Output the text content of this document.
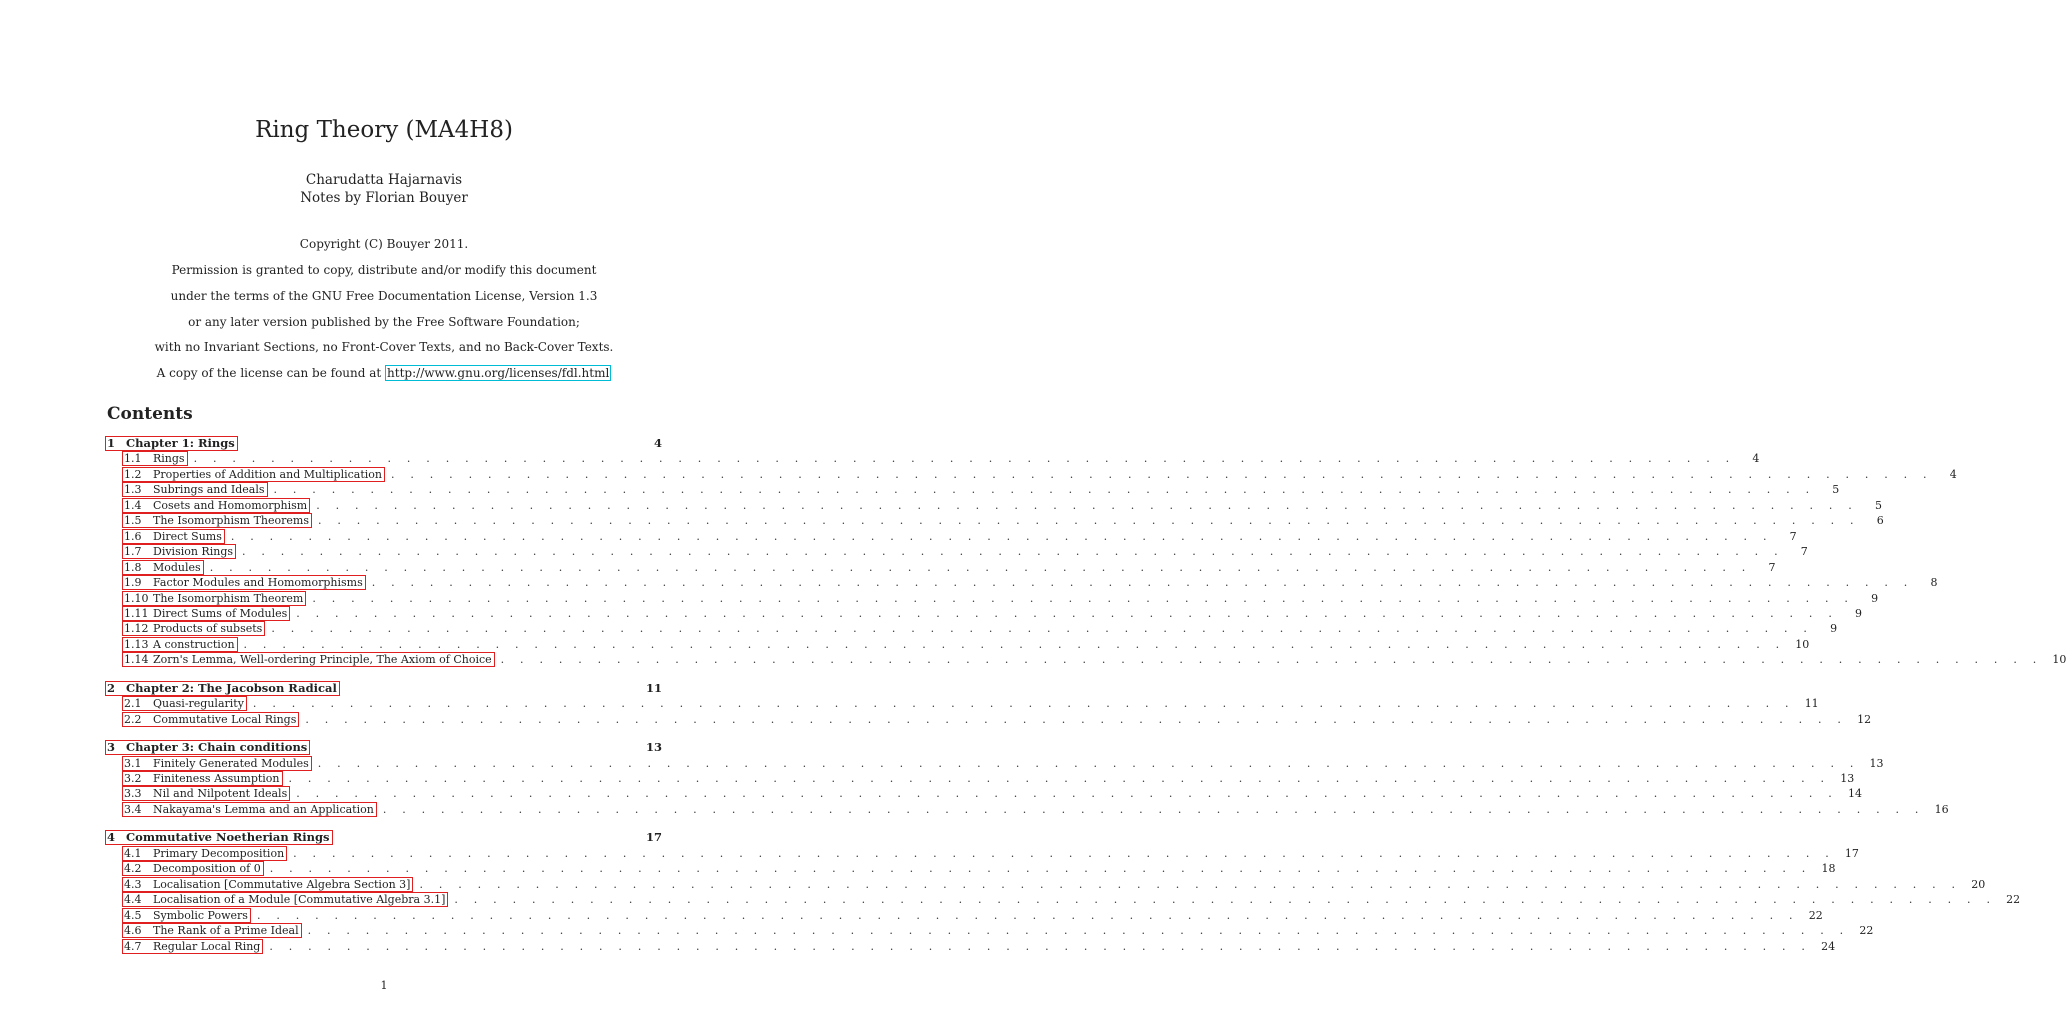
Ring Theory (MA4H8)
Charudatta Hajarnavis
Notes by Florian Bouyer
Copyright (C) Bouyer 2011.
Permission is granted to copy, distribute and/or modify this document
under the terms of the GNU Free Documentation License, Version 1.3
or any later version published by the Free Software Foundation;
with no Invariant Sections, no Front-Cover Texts, and no Back-Cover Texts.
A copy of the license can be found at http://www.gnu.org/licenses/fdl.html
Contents
1 Chapter 1: Rings	4
1.1	Rings . . . . . . . . . . . . . . . . . . . . . . . . . . . . . . . . . . . . . . . . . . . . . . . . . . . . . . . . . . . . . . . . . . . . . . . . . . . . . . . .	4
1.2	Properties of Addition and Multiplication . . . . . . . . . . . . . . . . . . . . . . . . . . . . . . . . . . . . . . . . . . . . . . . . . . . . . . . . . . . . . . . . . . . . . . . . . . . . . . . .	4
1.3	Subrings and Ideals . . . . . . . . . . . . . . . . . . . . . . . . . . . . . . . . . . . . . . . . . . . . . . . . . . . . . . . . . . . . . . . . . . . . . . . . . . . . . . . .	5
1.4	Cosets and Homomorphism . . . . . . . . . . . . . . . . . . . . . . . . . . . . . . . . . . . . . . . . . . . . . . . . . . . . . . . . . . . . . . . . . . . . . . . . . . . . . . . .	5
1.5	The Isomorphism Theorems . . . . . . . . . . . . . . . . . . . . . . . . . . . . . . . . . . . . . . . . . . . . . . . . . . . . . . . . . . . . . . . . . . . . . . . . . . . . . . . .	6
1.6	Direct Sums . . . . . . . . . . . . . . . . . . . . . . . . . . . . . . . . . . . . . . . . . . . . . . . . . . . . . . . . . . . . . . . . . . . . . . . . . . . . . . . .	7
1.7	Division Rings . . . . . . . . . . . . . . . . . . . . . . . . . . . . . . . . . . . . . . . . . . . . . . . . . . . . . . . . . . . . . . . . . . . . . . . . . . . . . . . .	7
1.8	Modules . . . . . . . . . . . . . . . . . . . . . . . . . . . . . . . . . . . . . . . . . . . . . . . . . . . . . . . . . . . . . . . . . . . . . . . . . . . . . . . .	7
1.9	Factor Modules and Homomorphisms . . . . . . . . . . . . . . . . . . . . . . . . . . . . . . . . . . . . . . . . . . . . . . . . . . . . . . . . . . . . . . . . . . . . . . . . . . . . . . . .	8
1.10 The Isomorphism Theorem . . . . . . . . . . . . . . . . . . . . . . . . . . . . . . . . . . . . . . . . . . . . . . . . . . . . . . . . . . . . . . . . . . . . . . . . . . . . . . . .	9
1.11 Direct Sums of Modules . . . . . . . . . . . . . . . . . . . . . . . . . . . . . . . . . . . . . . . . . . . . . . . . . . . . . . . . . . . . . . . . . . . . . . . . . . . . . . . .	9
1.12 Products of subsets . . . . . . . . . . . . . . . . . . . . . . . . . . . . . . . . . . . . . . . . . . . . . . . . . . . . . . . . . . . . . . . . . . . . . . . . . . . . . . . .	9
1.13 A construction . . . . . . . . . . . . . . . . . . . . . . . . . . . . . . . . . . . . . . . . . . . . . . . . . . . . . . . . . . . . . . . . . . . . . . . . . . . . . . . . 10
1.14 Zorn's Lemma, Well-ordering Principle, The Axiom of Choice . . . . . . . . . . . . . . . . . . . . . . . . . . . . . . . . . . . . . . . . . . . . . . . . . . . . . . . . . . . . . . . . . . . . . . . . . . . . . . . . 10
2 Chapter 2: The Jacobson Radical	11
2.1	Quasi-regularity . . . . . . . . . . . . . . . . . . . . . . . . . . . . . . . . . . . . . . . . . . . . . . . . . . . . . . . . . . . . . . . . . . . . . . . . . . . . . . . . 11
2.2	Commutative Local Rings . . . . . . . . . . . . . . . . . . . . . . . . . . . . . . . . . . . . . . . . . . . . . . . . . . . . . . . . . . . . . . . . . . . . . . . . . . . . . . . . 12
3 Chapter 3: Chain conditions	13
3.1	Finitely Generated Modules . . . . . . . . . . . . . . . . . . . . . . . . . . . . . . . . . . . . . . . . . . . . . . . . . . . . . . . . . . . . . . . . . . . . . . . . . . . . . . . . 13
3.2	Finiteness Assumption . . . . . . . . . . . . . . . . . . . . . . . . . . . . . . . . . . . . . . . . . . . . . . . . . . . . . . . . . . . . . . . . . . . . . . . . . . . . . . . . 13
3.3	Nil and Nilpotent Ideals . . . . . . . . . . . . . . . . . . . . . . . . . . . . . . . . . . . . . . . . . . . . . . . . . . . . . . . . . . . . . . . . . . . . . . . . . . . . . . . . 14
3.4	Nakayama's Lemma and an Application . . . . . . . . . . . . . . . . . . . . . . . . . . . . . . . . . . . . . . . . . . . . . . . . . . . . . . . . . . . . . . . . . . . . . . . . . . . . . . . . 16
4 Commutative Noetherian Rings	17
4.1	Primary Decomposition . . . . . . . . . . . . . . . . . . . . . . . . . . . . . . . . . . . . . . . . . . . . . . . . . . . . . . . . . . . . . . . . . . . . . . . . . . . . . . . . 17
4.2	Decomposition of 0 . . . . . . . . . . . . . . . . . . . . . . . . . . . . . . . . . . . . . . . . . . . . . . . . . . . . . . . . . . . . . . . . . . . . . . . . . . . . . . . . 18
4.3	Localisation [Commutative Algebra Section 3] . . . . . . . . . . . . . . . . . . . . . . . . . . . . . . . . . . . . . . . . . . . . . . . . . . . . . . . . . . . . . . . . . . . . . . . . . . . . . . . . 20
4.4	Localisation of a Module [Commutative Algebra 3.1] . . . . . . . . . . . . . . . . . . . . . . . . . . . . . . . . . . . . . . . . . . . . . . . . . . . . . . . . . . . . . . . . . . . . . . . . . . . . . . . . 22
4.5	Symbolic Powers . . . . . . . . . . . . . . . . . . . . . . . . . . . . . . . . . . . . . . . . . . . . . . . . . . . . . . . . . . . . . . . . . . . . . . . . . . . . . . . . 22
4.6	The Rank of a Prime Ideal . . . . . . . . . . . . . . . . . . . . . . . . . . . . . . . . . . . . . . . . . . . . . . . . . . . . . . . . . . . . . . . . . . . . . . . . . . . . . . . . 22
4.7	Regular Local Ring . . . . . . . . . . . . . . . . . . . . . . . . . . . . . . . . . . . . . . . . . . . . . . . . . . . . . . . . . . . . . . . . . . . . . . . . . . . . . . . . 24
1
